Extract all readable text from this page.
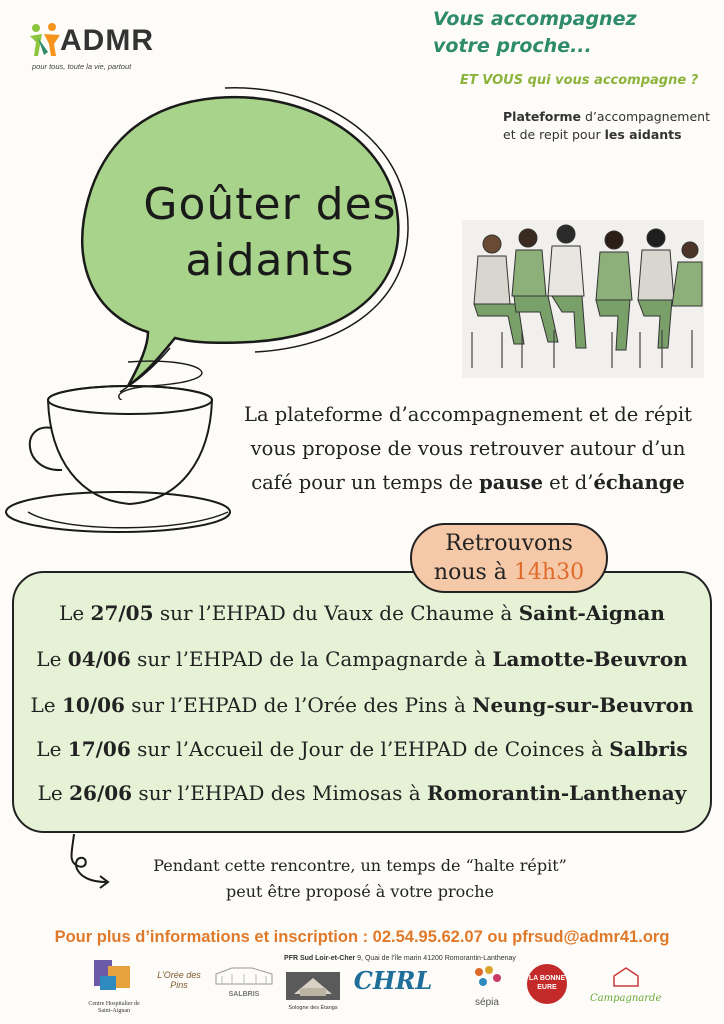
ADMR
pour tous, toute la vie, partout
Vous accompagnez
votre proche...
ET VOUS qui vous accompagne ?
Plateforme d’accompagnement
et de repit pour les aidants
Goûter des
aidants
La plateforme d’accompagnement et de répit
vous propose de vous retrouver autour d’un
café pour un temps de pause et d’échange
Le 27/05 sur l’EHPAD du Vaux de Chaume à Saint-Aignan
Le 04/06 sur l’EHPAD de la Campagnarde à Lamotte-Beuvron
Le 10/06 sur l’EHPAD de l’Orée des Pins à Neung-sur-Beuvron
Le 17/06 sur l’Accueil de Jour de l’EHPAD de Coinces à Salbris
Le 26/06 sur l’EHPAD des Mimosas à Romorantin-Lanthenay
Retrouvons
nous à 14h30
Pendant cette rencontre, un temps de “halte répit”
peut être proposé à votre proche
Pour plus d’informations et inscription : 02.54.95.62.07 ou pfrsud@admr41.org
PFR Sud Loir-et-Cher 9, Quai de l’île marin 41200 Romorantin-Lanthenay
Centre Hospitalier de Saint-Aignan
L’Orée des Pins
SALBRIS
Sologne des Étangs
CHRL
sépia
LA BONNE EURE
Campagnarde
